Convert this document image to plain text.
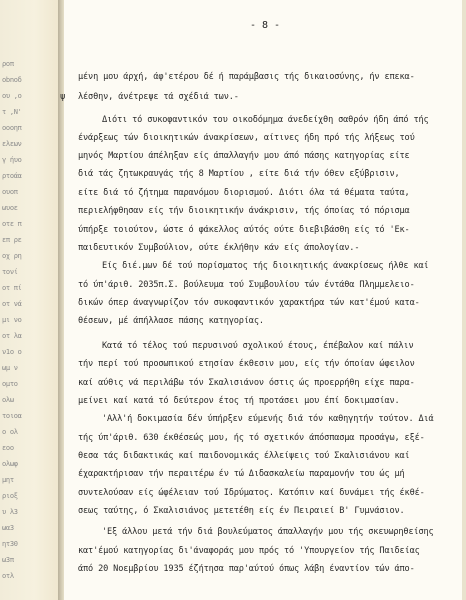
ροπ
obnοδ
ου ,ο
τ ,Ν'
οοοηπ
ελεων
γ ήυο
ρτοάα
ουοπ
ωυοε
οτε π
επ ρε
οχ ρη
τονί
οτ πί
οτ νά
μι νο
οτ λα
ν1ο ο
ωμ ν
ομτο
ολω
τοιοα
ο ολ
εοο
ολωφ
μητ
ριοξ
υ λ3
ωα3
ητ30
ω3π
οτλ
- 8 -
μένη μου άρχή, άφ'ετέρου δέ ή παράμβασις τής δικαιοσύνης, ήν επεκα-
λέσθην, άνέτρεψε τά σχέδιά των.-
Διότι τό συκοφαντικόν του οικοδόμημα άνεδείχθη σαθρόν ήδη άπό τής
ένάρξεως τών διοικητικών άνακρίσεων, αίτινες ήδη πρό τής λήξεως τού
μηνός Μαρτίου άπέληξαν είς άπαλλαγήν μου άπό πάσης κατηγορίας είτε
διά τάς ζητωκραυγάς τής 8 Μαρτίου , είτε διά τήν όθεν εξύβρισιν,
είτε διά τό ζήτημα παρανόμου διορισμού. Διότι όλα τά θέματα ταύτα,
περιελήφθησαν είς τήν διοικητικήν άνάκρισιν, τής όποίας τό πόρισμα
ύπήρξε τοιούτον, ώστε ό φάκελλος αύτός ούτε διεβιβάσθη είς τό 'Εκ-
παιδευτικόν Συμβούλιον, ούτε έκλήθην κάν είς άπολογίαν.-
Είς διέ.μων δέ τού πορίσματος τής διοικητικής άνακρίσεως ήλθε καί
τό ύπ'άριθ. 2035π.Σ. βούλευμα τού Συμβουλίου τών έντάθα Πλημμελειο-
δικών όπερ άναγνωρίζον τόν συκοφαντικόν χαρακτήρα τών κατ'έμού κατα-
θέσεων, μέ άπήλλασε πάσης κατηγορίας.
Κατά τό τέλος τού περυσινού σχολικού έτους, έπέβαλον καί πάλιν
τήν περί τού προσωπικού ετησίαν έκθεσιν μου, είς τήν όποίαν ώφειλον
καί αύθις νά περιλάβω τόν Σκαλισιάνον όστις ώς προερρήθη είχε παρα-
μείνει καί κατά τό δεύτερον έτος τή προτάσει μου έπί δοκιμασίαν.
'Αλλ'ή δοκιμασία δέν ύπήρξεν εύμενής διά τόν καθηγητήν τούτον. Διά
τής ύπ'άριθ. 630 έκθέσεώς μου, ής τό σχετικόν άπόσπασμα προσάγω, εξέ-
θεσα τάς διδακτικάς καί παιδονομικάς έλλείψεις τού Σκαλισιάνου καί
έχαρακτήρισαν τήν περαιτέρω έν τώ Διδασκαλείω παραμονήν του ώς μή
συντελούσαν είς ώφέλειαν τού Ιδρύματος. Κατόπιν καί δυνάμει τής έκθέ-
σεως ταύτης, ό Σκαλισιάνος μετετέθη είς έν Πειραιεί Β' Γυμνάσιον.
'Εξ άλλου μετά τήν διά βουλεύματος άπαλλαγήν μου τής σκευωρηθείσης
κατ'έμού κατηγορίας δι'άναφοράς μου πρός τό 'Υπουργείον τής Παιδείας
άπό 20 Νοεμβρίου 1935 έζήτησα παρ'αύτού όπως λάβη έναντίον τών άπο-
ψ
